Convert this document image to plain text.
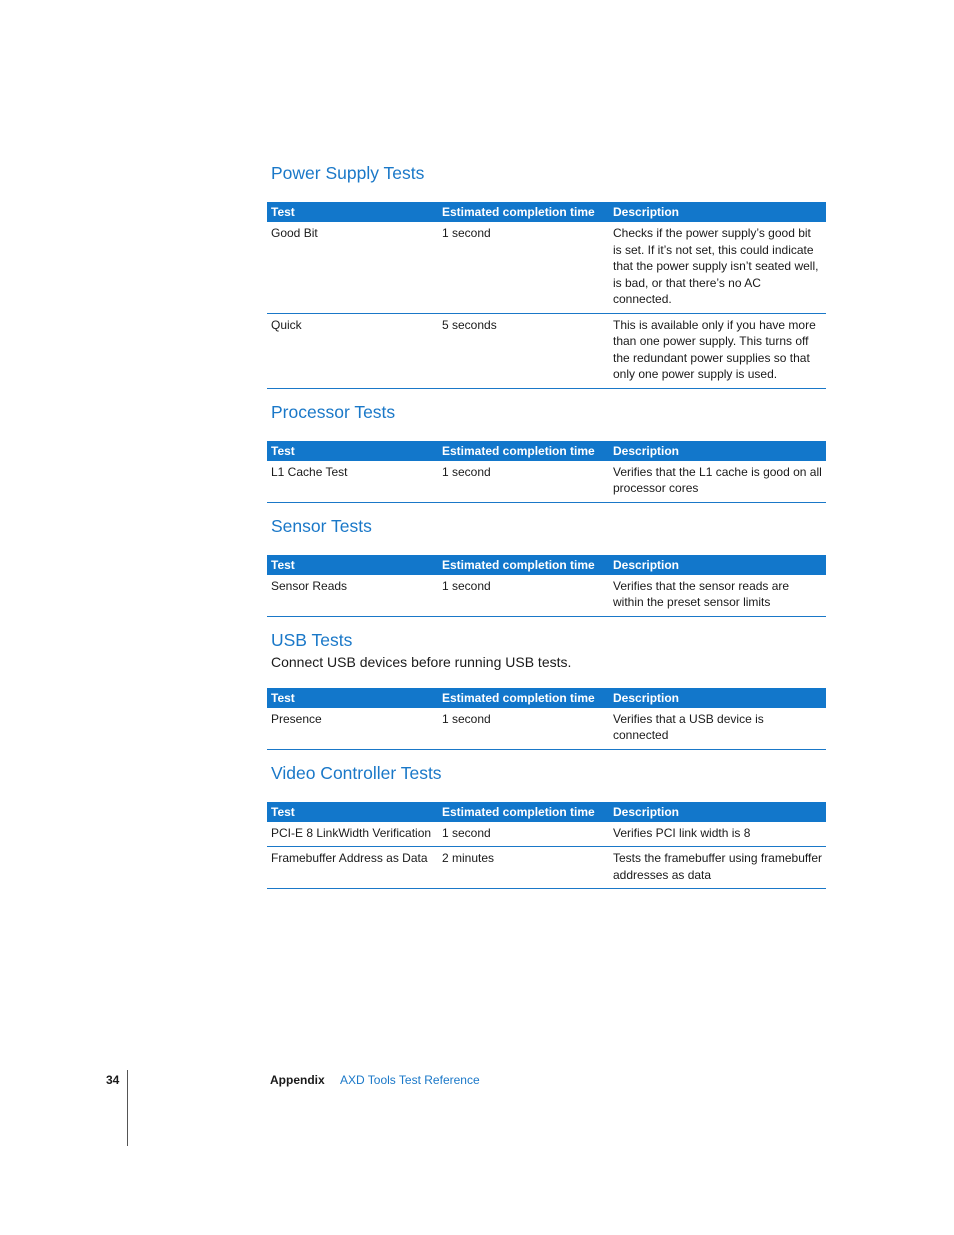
Power Supply Tests
Test	Estimated completion time	Description
Good Bit	1 second	Checks if the power supply’s good bit is set. If it’s not set, this could indicate that the power supply isn’t seated well, is bad, or that there’s no AC connected.
Quick	5 seconds	This is available only if you have more than one power supply. This turns off the redundant power supplies so that only one power supply is used.
Processor Tests
Test	Estimated completion time	Description
L1 Cache Test	1 second	Verifies that the L1 cache is good on all processor cores
Sensor Tests
Test	Estimated completion time	Description
Sensor Reads	1 second	Verifies that the sensor reads are within the preset sensor limits
USB Tests

Connect USB devices before running USB tests.

Test	Estimated completion time	Description
Presence	1 second	Verifies that a USB device is connected
Video Controller Tests
Test	Estimated completion time	Description
PCI-E 8 LinkWidth Verification	1 second	Verifies PCI link width is 8
Framebuffer Address as Data	2 minutes	Tests the framebuffer using framebuffer addresses as data
34	Appendix AXD Tools Test Reference
